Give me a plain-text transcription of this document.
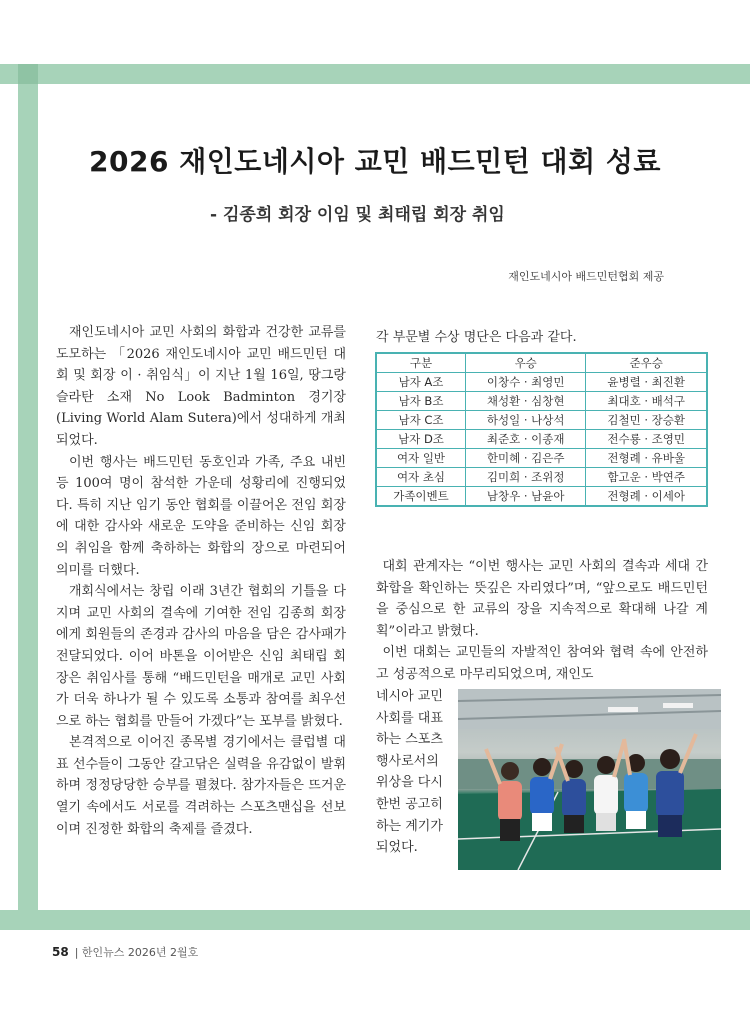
2026 재인도네시아 교민 배드민턴 대회 성료
- 김종희 회장 이임 및 최태립 회장 취임
재인도네시아 배드민턴협회 제공

재인도네시아 교민 사회의 화합과 건강한 교류를 도모하는 「2026 재인도네시아 교민 배드민턴 대회 및 회장 이 · 취임식」이 지난 1월 16일, 땅그랑 슬라탄 소재 No Look Badminton 경기장(Living World Alam Sutera)에서 성대하게 개최되었다.

이번 행사는 배드민턴 동호인과 가족, 주요 내빈 등 100여 명이 참석한 가운데 성황리에 진행되었다. 특히 지난 임기 동안 협회를 이끌어온 전임 회장에 대한 감사와 새로운 도약을 준비하는 신임 회장의 취임을 함께 축하하는 화합의 장으로 마련되어 의미를 더했다.

개회식에서는 창립 이래 3년간 협회의 기틀을 다지며 교민 사회의 결속에 기여한 전임 김종희 회장에게 회원들의 존경과 감사의 마음을 담은 감사패가 전달되었다. 이어 바톤을 이어받은 신임 최태립 회장은 취임사를 통해 “배드민턴을 매개로 교민 사회가 더욱 하나가 될 수 있도록 소통과 참여를 최우선으로 하는 협회를 만들어 가겠다”는 포부를 밝혔다.

본격적으로 이어진 종목별 경기에서는 클럽별 대표 선수들이 그동안 갈고닦은 실력을 유감없이 발휘하며 정정당당한 승부를 펼쳤다. 참가자들은 뜨거운 열기 속에서도 서로를 격려하는 스포츠맨십을 선보이며 진정한 화합의 축제를 즐겼다.

각 부문별 수상 명단은 다음과 같다.
구분	우승	준우승
남자 A조	이창수 · 최영민	윤병렬 · 최진환
남자 B조	채성환 · 심창현	최대호 · 배석구
남자 C조	하성일 · 나상석	김철민 · 장승환
남자 D조	최준호 · 이종재	전수룡 · 조영민
여자 일반	한미혜 · 김은주	전형례 · 유바울
여자 초심	김미희 · 조위정	함고운 · 박연주
가족이벤트	남창우 · 남윤아	전형례 · 이세아

대회 관계자는 “이번 행사는 교민 사회의 결속과 세대 간 화합을 확인하는 뜻깊은 자리였다”며, “앞으로도 배드민턴을 중심으로 한 교류의 장을 지속적으로 확대해 나갈 계획”이라고 밝혔다.

이번 대회는 교민들의 자발적인 참여와 협력 속에 안전하고 성공적으로 마무리되었으며, 재인도

네시아 교민
사회를 대표
하는 스포츠
행사로서의
위상을 다시
한번 공고히
하는 계기가
되었다.
58 | 한인뉴스 2026년 2월호
